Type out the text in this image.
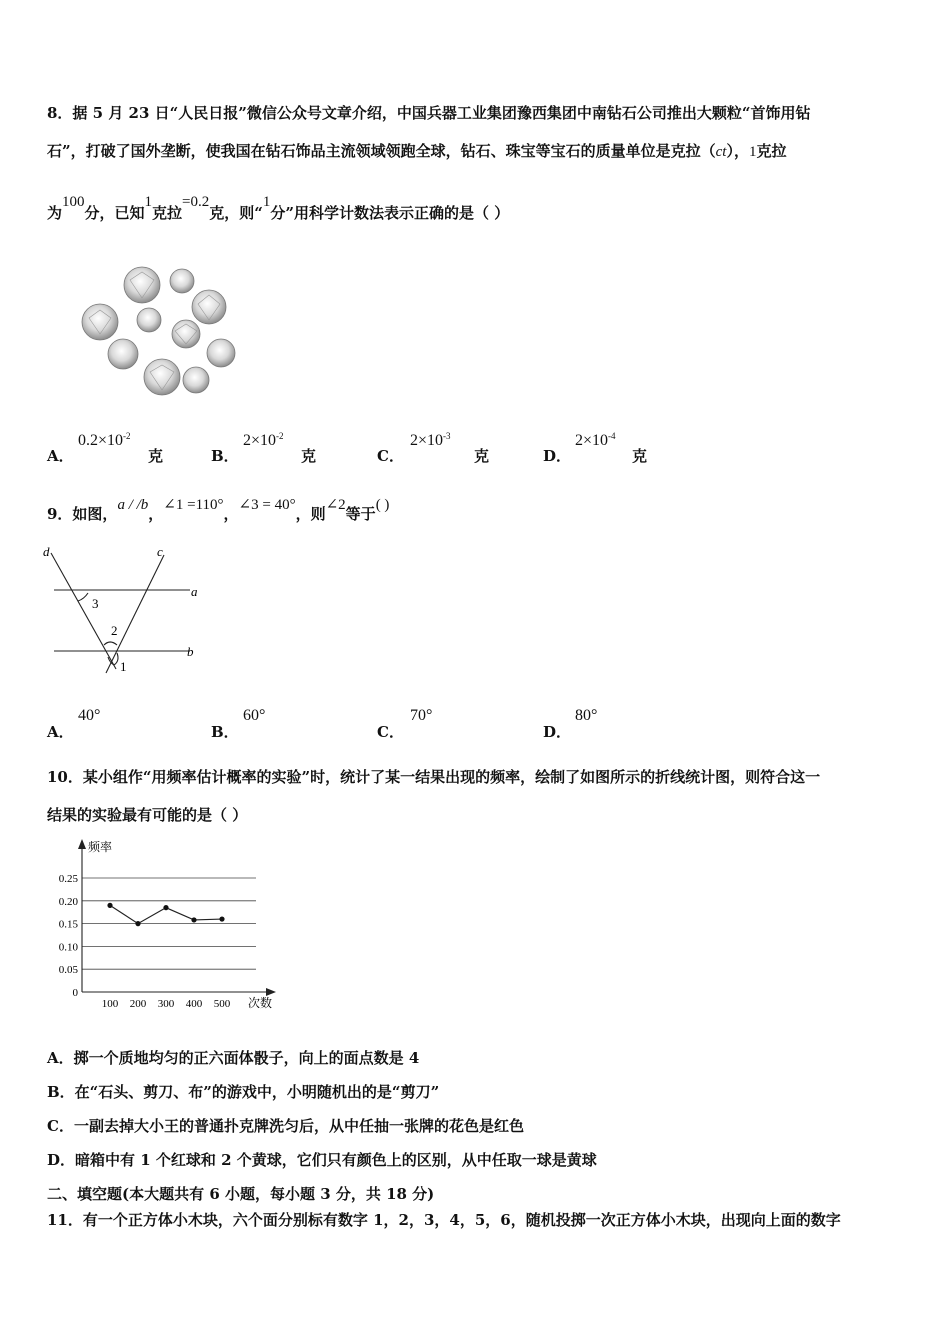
8．据 5 月 23 日“人民日报”微信公众号文章介绍，中国兵器工业集团豫西集团中南钻石公司推出大颗粒“首饰用钻
石”，打破了国外垄断，使我国在钻石饰品主流领域领跑全球，钻石、珠宝等宝石的质量单位是克拉（ct），1克拉
为100分，已知1克拉=0.2克，则“1分”用科学计数法表示正确的是（ ）
A．
$0.2\times 10^{-2}$
克	B．
$2\times 10^{-2}$
克	C．
$2\times 10^{-3}$
克	D．
$2\times 10^{-4}$
克
9．如图，a / /b，∠1 =110°，∠3 = 40°，则∠2等于( )
d	c
a
b
3
2
1
A．
40°
B．
60°
C．
70°
D．
80°
10．某小组作“用频率估计概率的实验”时，统计了某一结果出现的频率，绘制了如图所示的折线统计图，则符合这一
结果的实验最有可能的是（ ）
频率
次数
0.25
0.20
0.15
0.10
0.05
0
100 200 300 400 500
A．掷一个质地均匀的正六面体骰子，向上的面点数是 4
B．在“石头、剪刀、布”的游戏中，小明随机出的是“剪刀”
C．一副去掉大小王的普通扑克牌洗匀后，从中任抽一张牌的花色是红色
D．暗箱中有 1 个红球和 2 个黄球，它们只有颜色上的区别，从中任取一球是黄球
二、填空题(本大题共有 6 小题，每小题 3 分，共 18 分)
11．有一个正方体小木块，六个面分别标有数字 1，2，3，4，5，6，随机投掷一次正方体小木块，出现向上面的数字
